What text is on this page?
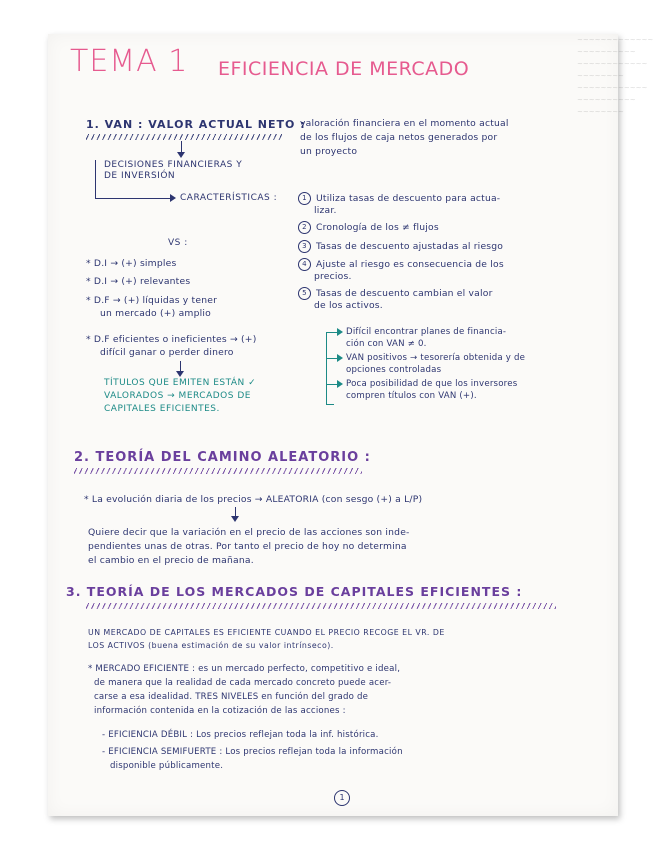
~~~~~~~~~~~~~
~~~~~~~~~~
~~~~~~~~~~~~
~~~~~~~~
~~~~~~~~~~~~
~~~~~~~~~~
~~~~~~~~
TEMA 1 EFICIENCIA DE MERCADO
1. VAN : VALOR ACTUAL NETO :
valoración financiera en el momento actual
de los flujos de caja netos generados por
un proyecto
DECISIONES FINANCIERAS Y
DE INVERSIÓN
CARACTERÍSTICAS :	1 Utiliza tasas de descuento para actua-
lizar.
2 Cronología de los ≠ flujos
3 Tasas de descuento ajustadas al riesgo
4 Ajuste al riesgo es consecuencia de los
precios.
5 Tasas de descuento cambian el valor
de los activos.
VS :
* D.I → (+) simples
* D.I → (+) relevantes
* D.F → (+) líquidas y tener
un mercado (+) amplio
* D.F eficientes o ineficientes → (+)
difícil ganar o perder dinero
TÍTULOS QUE EMITEN ESTÁN ✓
VALORADOS → MERCADOS DE
CAPITALES EFICIENTES.
Difícil encontrar planes de financia-
ción con VAN ≠ 0.
VAN positivos → tesorería obtenida y de
opciones controladas
Poca posibilidad de que los inversores
compren títulos con VAN (+).
2. TEORÍA DEL CAMINO ALEATORIO :
* La evolución diaria de los precios → ALEATORIA (con sesgo (+) a L/P)
Quiere decir que la variación en el precio de las acciones son inde-
pendientes unas de otras. Por tanto el precio de hoy no determina
el cambio en el precio de mañana.
3. TEORÍA DE LOS MERCADOS DE CAPITALES EFICIENTES :
UN MERCADO DE CAPITALES ES EFICIENTE CUANDO EL PRECIO RECOGE EL VR. DE
LOS ACTIVOS (buena estimación de su valor intrínseco).
* MERCADO EFICIENTE : es un mercado perfecto, competitivo e ideal,
de manera que la realidad de cada mercado concreto puede acer-
carse a esa idealidad. TRES NIVELES en función del grado de
información contenida en la cotización de las acciones :
- EFICIENCIA DÉBIL : Los precios reflejan toda la inf. histórica.
- EFICIENCIA SEMIFUERTE : Los precios reflejan toda la información
disponible públicamente.
1
